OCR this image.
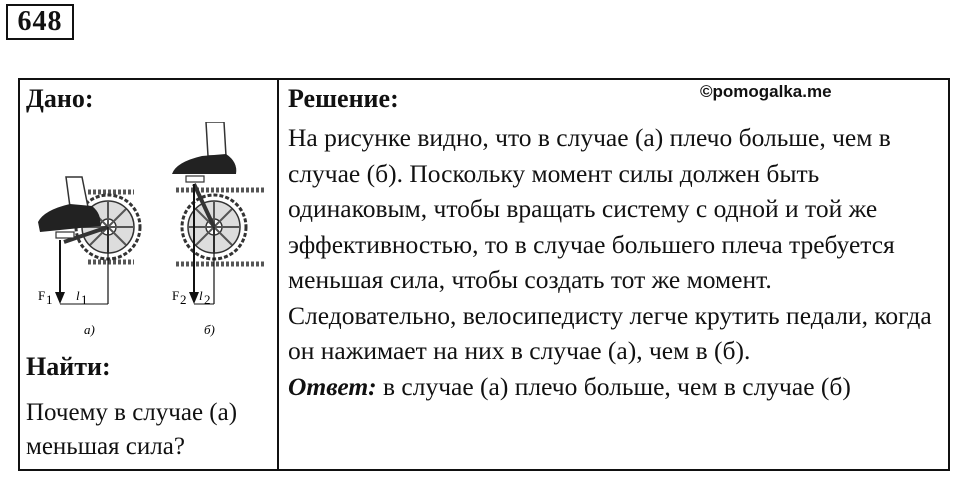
648
Дано:	Решение:	©pomogalka.me

На рисунке видно, что в случае (а) плечо больше, чем в случае (б). Поскольку момент силы должен быть одинаковым, чтобы вращать систему с одной и той же эффективностью, то в случае большего плеча требуется меньшая сила, чтобы создать тот же момент. Следовательно, велосипедисту легче крутить педали, когда он нажимает на них в случае (а), чем в (б).

Ответ: в случае (а) плечо больше, чем в случае (б)

F 1 l 1
а)
F 2 l 2
б)
Найти:
Почему в случае (а) меньшая сила?
